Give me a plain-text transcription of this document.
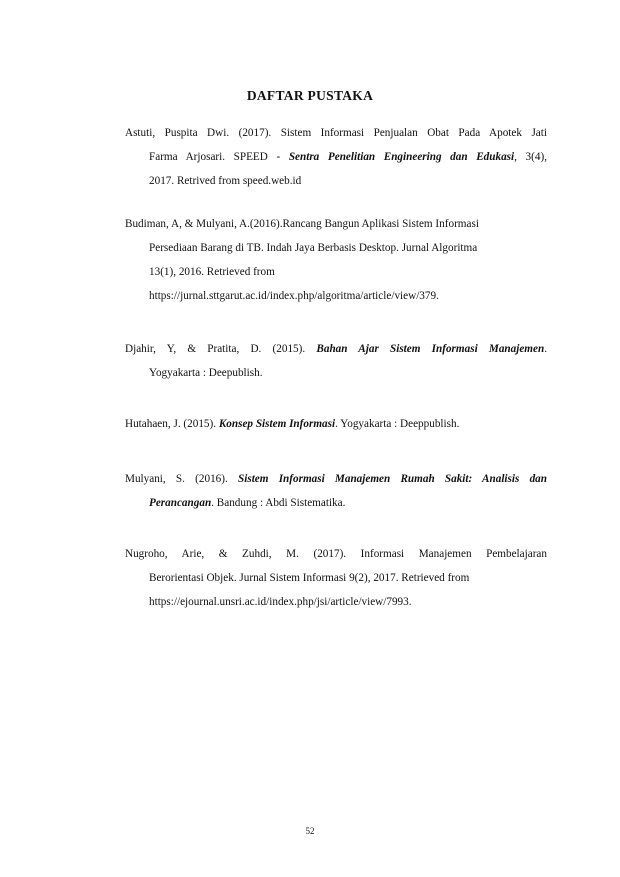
DAFTAR PUSTAKA
Astuti, Puspita Dwi. (2017). Sistem Informasi Penjualan Obat Pada Apotek Jati
Farma Arjosari. SPEED - Sentra Penelitian Engineering dan Edukasi, 3(4),
2017. Retrived from speed.web.id
Budiman, A, & Mulyani, A.(2016).Rancang Bangun Aplikasi Sistem Informasi
Persediaan Barang di TB. Indah Jaya Berbasis Desktop. Jurnal Algoritma
13(1), 2016. Retrieved from
https://jurnal.sttgarut.ac.id/index.php/algoritma/article/view/379.
Djahir, Y, & Pratita, D. (2015). Bahan Ajar Sistem Informasi Manajemen.
Yogyakarta : Deepublish.
Hutahaen, J. (2015). Konsep Sistem Informasi. Yogyakarta : Deeppublish.
Mulyani, S. (2016). Sistem Informasi Manajemen Rumah Sakit: Analisis dan
Perancangan. Bandung : Abdi Sistematika.
Nugroho, Arie, & Zuhdi, M. (2017). Informasi Manajemen Pembelajaran
Berorientasi Objek. Jurnal Sistem Informasi 9(2), 2017. Retrieved from
https://ejournal.unsri.ac.id/index.php/jsi/article/view/7993.
52
